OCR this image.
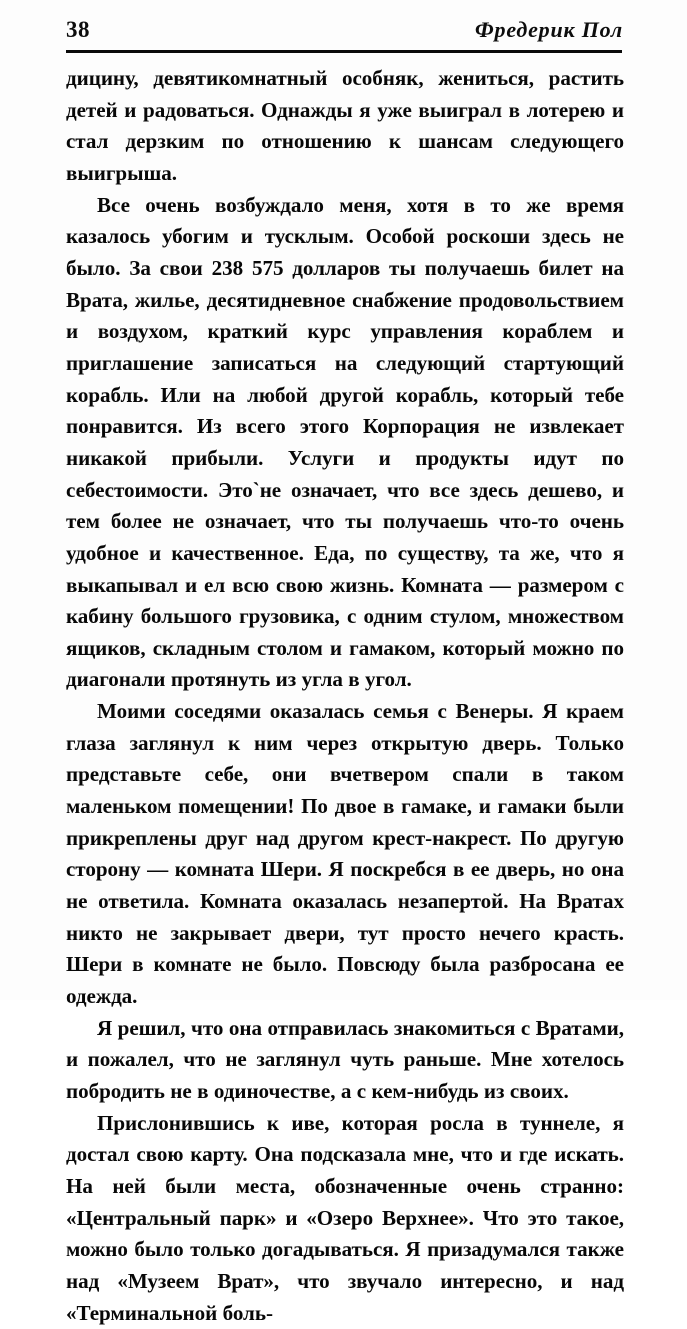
38	Фредерик Пол

дицину, девятикомнатный особняк, жениться, растить детей и радоваться. Однажды я уже выиграл в лотерею и стал дерзким по отношению к шансам следующего выигрыша.

Все очень возбуждало меня, хотя в то же время казалось убогим и тусклым. Особой роскоши здесь не было. За свои 238 575 долларов ты получаешь билет на Врата, жилье, десятидневное снабжение продовольствием и воздухом, краткий курс управления кораблем и приглашение записаться на следующий стартующий корабль. Или на любой другой корабль, который тебе понравится. Из всего этого Корпорация не извлекает никакой прибыли. Услуги и продукты идут по себестоимости. Это`не означает, что все здесь дешево, и тем более не означает, что ты получаешь что-то очень удобное и качественное. Еда, по существу, та же, что я выкапывал и ел всю свою жизнь. Комната — размером с кабину большого грузовика, с одним стулом, множеством ящиков, складным столом и гамаком, который можно по диагонали протянуть из угла в угол.

Моими соседями оказалась семья с Венеры. Я краем глаза заглянул к ним через открытую дверь. Только представьте себе, они вчетвером спали в таком маленьком помещении! По двое в гамаке, и гамаки были прикреплены друг над другом крест-накрест. По другую сторону — комната Шери. Я поскребся в ее дверь, но она не ответила. Комната оказалась незапертой. На Вратах никто не закрывает двери, тут просто нечего красть. Шери в комнате не было. Повсюду была разбросана ее одежда.

Я решил, что она отправилась знакомиться с Вратами, и пожалел, что не заглянул чуть раньше. Мне хотелось побродить не в одиночестве, а с кем-нибудь из своих.

Прислонившись к иве, которая росла в туннеле, я достал свою карту. Она подсказала мне, что и где искать. На ней были места, обозначенные очень странно: «Центральный парк» и «Озеро Верхнее». Что это такое, можно было только догадываться. Я призадумался также над «Музеем Врат», что звучало интересно, и над «Терминальной боль-
